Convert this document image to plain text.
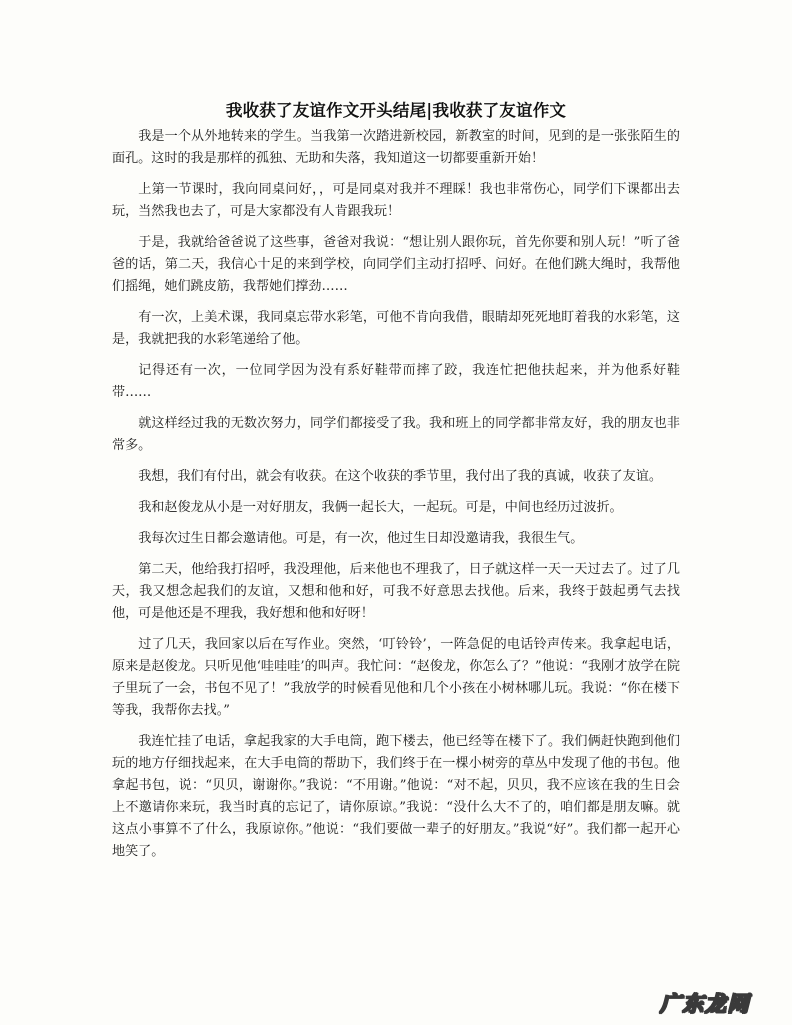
我收获了友谊作文开头结尾|我收获了友谊作文

我是一个从外地转来的学生。当我第一次踏进新校园，新教室的时间，见到的是一张张陌生的面孔。这时的我是那样的孤独、无助和失落，我知道这一切都要重新开始！

上第一节课时，我向同桌问好，，可是同桌对我并不理睬！我也非常伤心，同学们下课都出去玩，当然我也去了，可是大家都没有人肯跟我玩！

于是，我就给爸爸说了这些事，爸爸对我说：“想让别人跟你玩，首先你要和别人玩！”听了爸爸的话，第二天，我信心十足的来到学校，向同学们主动打招呼、问好。在他们跳大绳时，我帮他们摇绳，她们跳皮筋，我帮她们撑劲……

有一次，上美术课，我同桌忘带水彩笔，可他不肯向我借，眼睛却死死地盯着我的水彩笔，这是，我就把我的水彩笔递给了他。

记得还有一次，一位同学因为没有系好鞋带而摔了跤，我连忙把他扶起来，并为他系好鞋带……

就这样经过我的无数次努力，同学们都接受了我。我和班上的同学都非常友好，我的朋友也非常多。

我想，我们有付出，就会有收获。在这个收获的季节里，我付出了我的真诚，收获了友谊。

我和赵俊龙从小是一对好朋友，我俩一起长大，一起玩。可是，中间也经历过波折。

我每次过生日都会邀请他。可是，有一次，他过生日却没邀请我，我很生气。

第二天，他给我打招呼，我没理他，后来他也不理我了，日子就这样一天一天过去了。过了几天，我又想念起我们的友谊，又想和他和好，可我不好意思去找他。后来，我终于鼓起勇气去找他，可是他还是不理我，我好想和他和好呀！

过了几天，我回家以后在写作业。突然，‘叮铃铃’，一阵急促的电话铃声传来。我拿起电话，原来是赵俊龙。只听见他‘哇哇哇’的叫声。我忙问：“赵俊龙，你怎么了？”他说：“我刚才放学在院子里玩了一会，书包不见了！”我放学的时候看见他和几个小孩在小树林哪儿玩。我说：“你在楼下等我，我帮你去找。”

我连忙挂了电话，拿起我家的大手电筒，跑下楼去，他已经等在楼下了。我们俩赶快跑到他们玩的地方仔细找起来，在大手电筒的帮助下，我们终于在一棵小树旁的草丛中发现了他的书包。他拿起书包，说：“贝贝，谢谢你。”我说：“不用谢。”他说：“对不起，贝贝，我不应该在我的生日会上不邀请你来玩，我当时真的忘记了，请你原谅。”我说：“没什么大不了的，咱们都是朋友嘛。就这点小事算不了什么，我原谅你。”他说：“我们要做一辈子的好朋友。”我说“好”。我们都一起开心地笑了。

广东龙网
